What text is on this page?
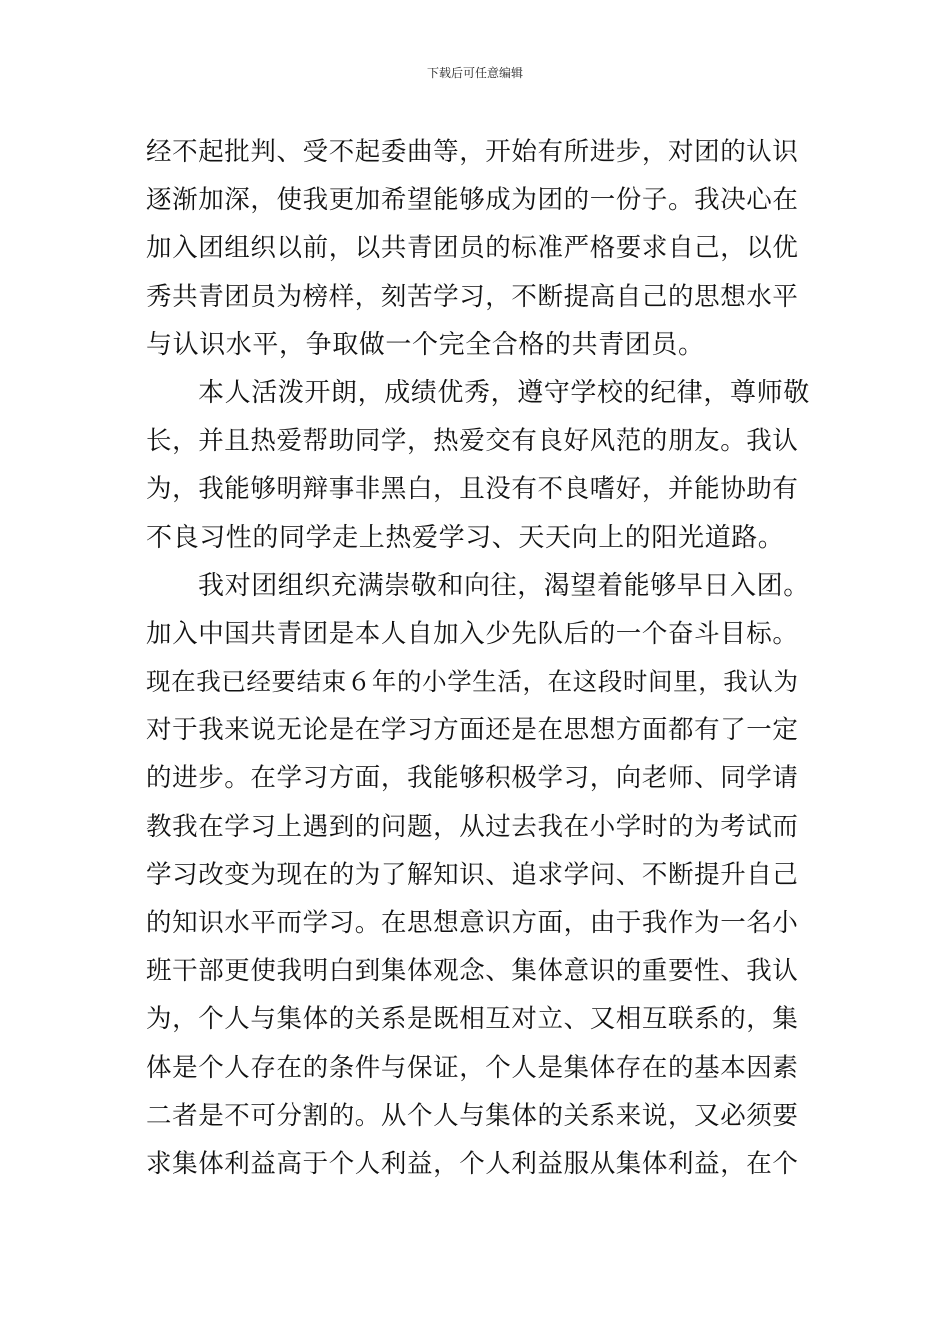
下载后可任意编辑
经不起批判、受不起委曲等，开始有所进步，对团的认识
逐渐加深，使我更加希望能够成为团的一份子。我决心在
加入团组织以前，以共青团员的标准严格要求自己，以优
秀共青团员为榜样，刻苦学习，不断提高自己的思想水平
与认识水平，争取做一个完全合格的共青团员。
本人活泼开朗，成绩优秀，遵守学校的纪律，尊师敬
长，并且热爱帮助同学，热爱交有良好风范的朋友。我认
为，我能够明辩事非黑白，且没有不良嗜好，并能协助有
不良习性的同学走上热爱学习、天天向上的阳光道路。
我对团组织充满崇敬和向往，渴望着能够早日入团。
加入中国共青团是本人自加入少先队后的一个奋斗目标。
现在我已经要结束６年的小学生活，在这段时间里，我认为
对于我来说无论是在学习方面还是在思想方面都有了一定
的进步。在学习方面，我能够积极学习，向老师、同学请
教我在学习上遇到的问题，从过去我在小学时的为考试而
学习改变为现在的为了解知识、追求学问、不断提升自己
的知识水平而学习。在思想意识方面，由于我作为一名小
班干部更使我明白到集体观念、集体意识的重要性、我认
为，个人与集体的关系是既相互对立、又相互联系的，集
体是个人存在的条件与保证，个人是集体存在的基本因素
二者是不可分割的。从个人与集体的关系来说，又必须要
求集体利益高于个人利益，个人利益服从集体利益，在个
